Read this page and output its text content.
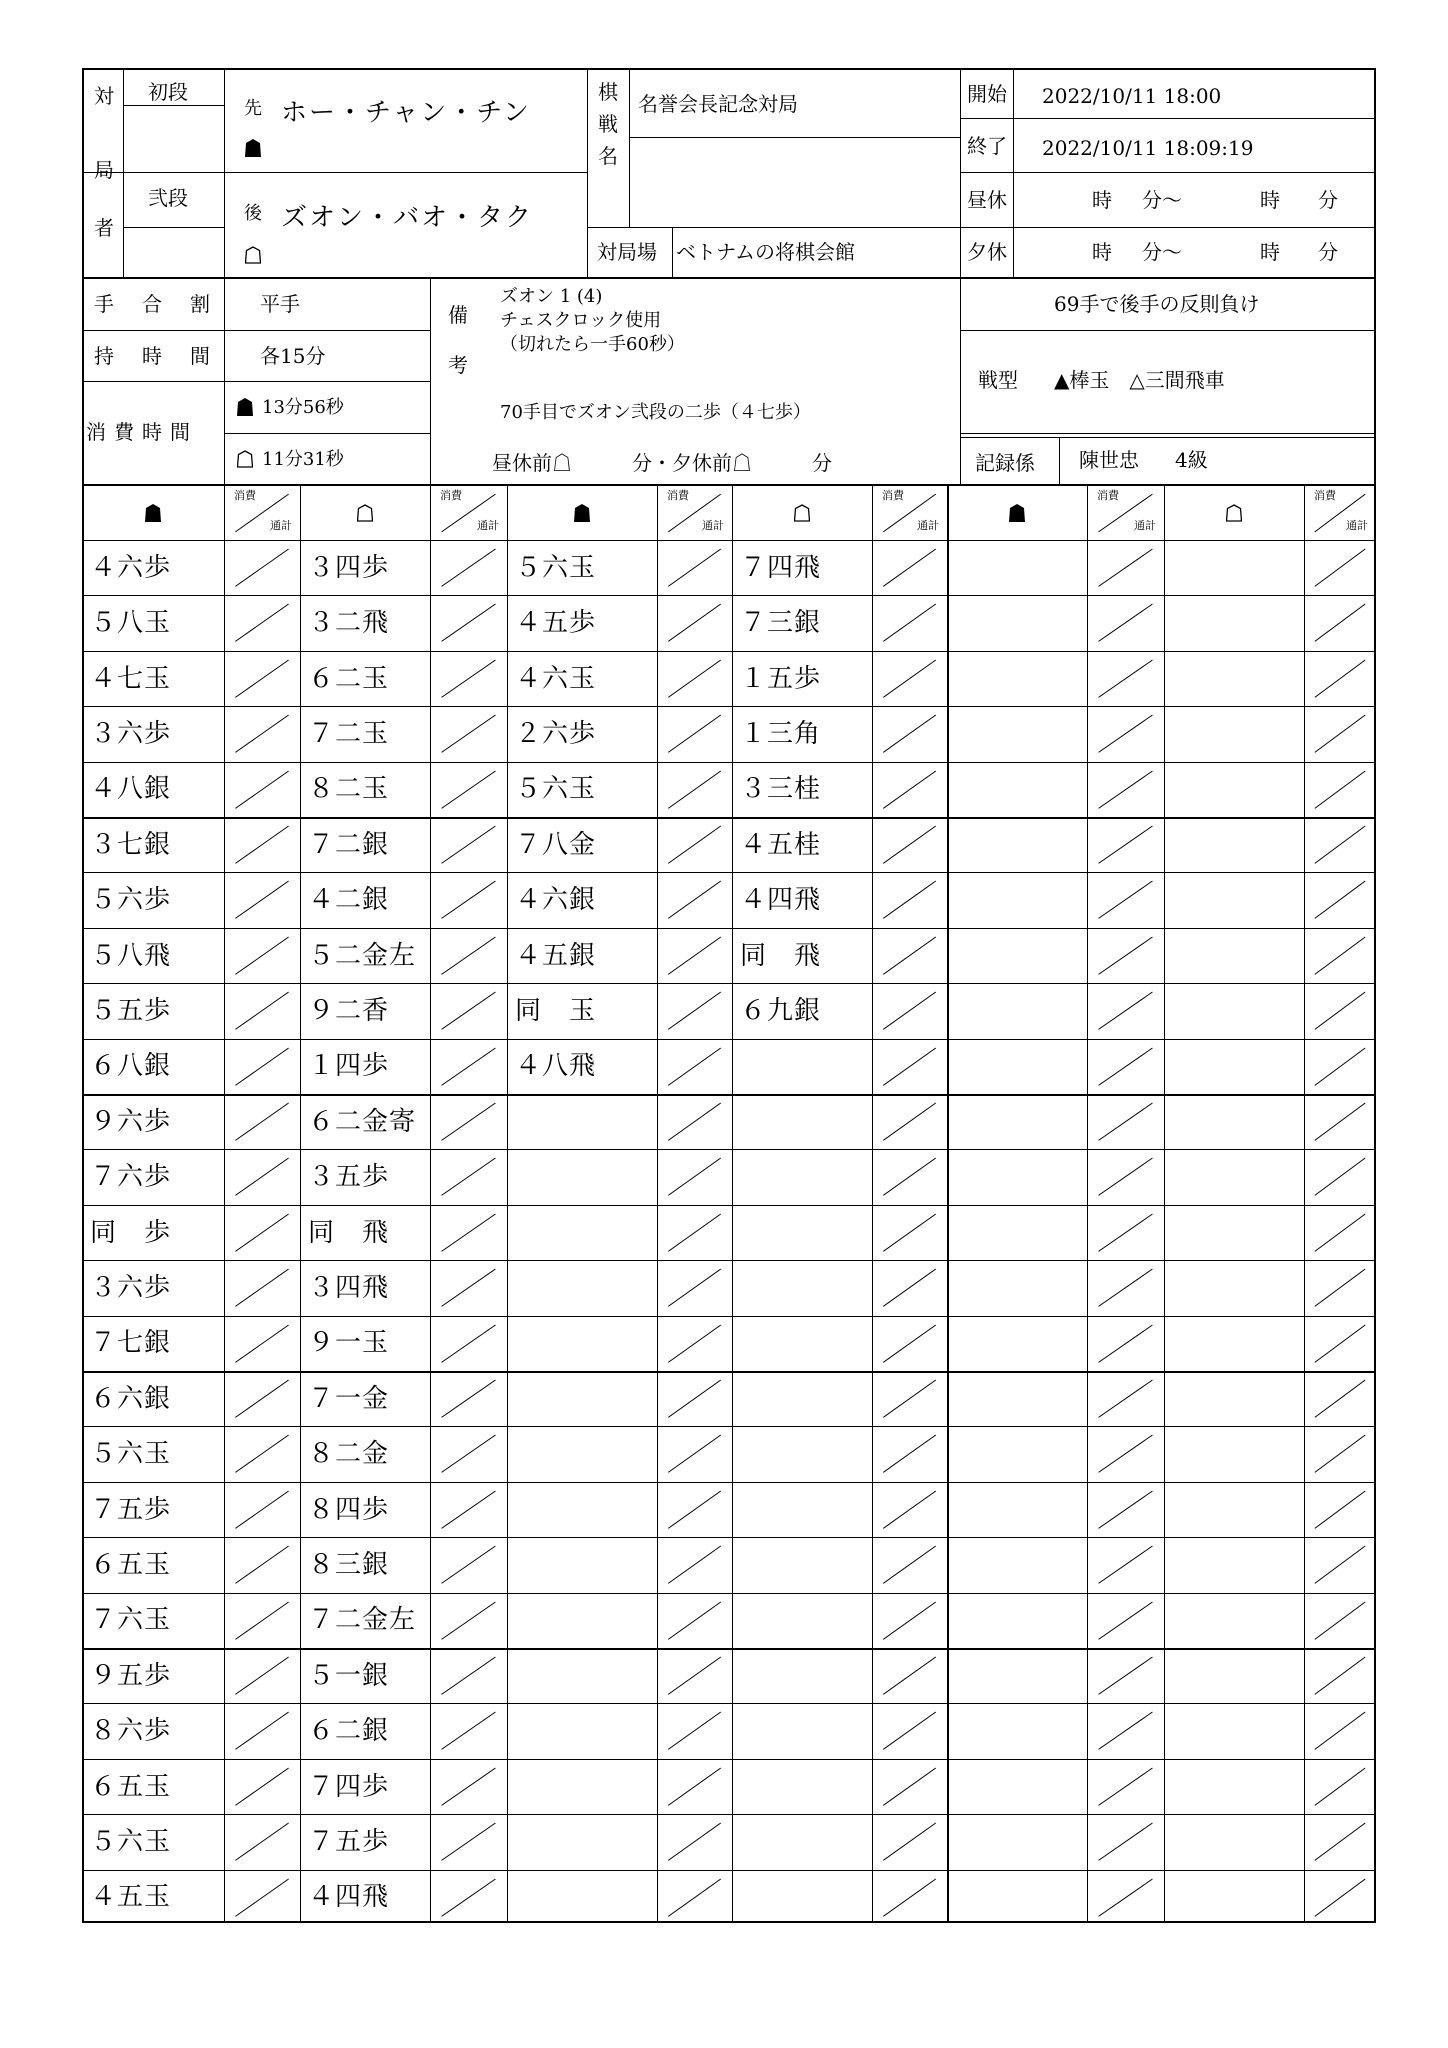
対
局
者
初段
弐段
先 ホー・チャン・チン
後 ズオン・バオ・タク
棋
戦
名
名誉会長記念対局
対局場 ベトナムの将棋会館
開始 2022/10/11 18:00
終了 2022/10/11 18:09:19
昼休	時 分〜	時 分
夕休	時 分〜	時 分
手 合 割	平手
持 時 間	各15分
消費時間
13分56秒
11分31秒
備
考
ズオン 1 (4)
チェスクロック使用
（切れたら一手60秒）
70手目でズオン弐段の二歩（４七歩）
昼休前☖　　　分・夕休前☖　　　分
69手で後手の反則負け
戦型 ▲棒玉　△三間飛車
記録係 陳世忠 4級
消費
通計
消費
通計
４六歩	３四歩
５八玉	３二飛
４七玉	６二玉
３六歩	７二玉
４八銀	８二玉
３七銀	７二銀
５六歩	４二銀
５八飛	５二金左
５五歩	９二香
６八銀	１四歩
９六歩	６二金寄
７六歩	３五歩
同　歩	同　飛
３六歩	３四飛
７七銀	９一玉
６六銀	７一金
５六玉	８二金
７五歩	８四歩
６五玉	８三銀
７六玉	７二金左
９五歩	５一銀
８六歩	６二銀
６五玉	７四歩
５六玉	７五歩
４五玉	４四飛
消費
通計
消費
通計
５六玉	７四飛
４五歩	７三銀
４六玉	１五歩
２六歩	１三角
５六玉	３三桂
７八金	４五桂
４六銀	４四飛
４五銀	同　飛
同　玉	６九銀
４八飛
消費
通計
消費
通計
